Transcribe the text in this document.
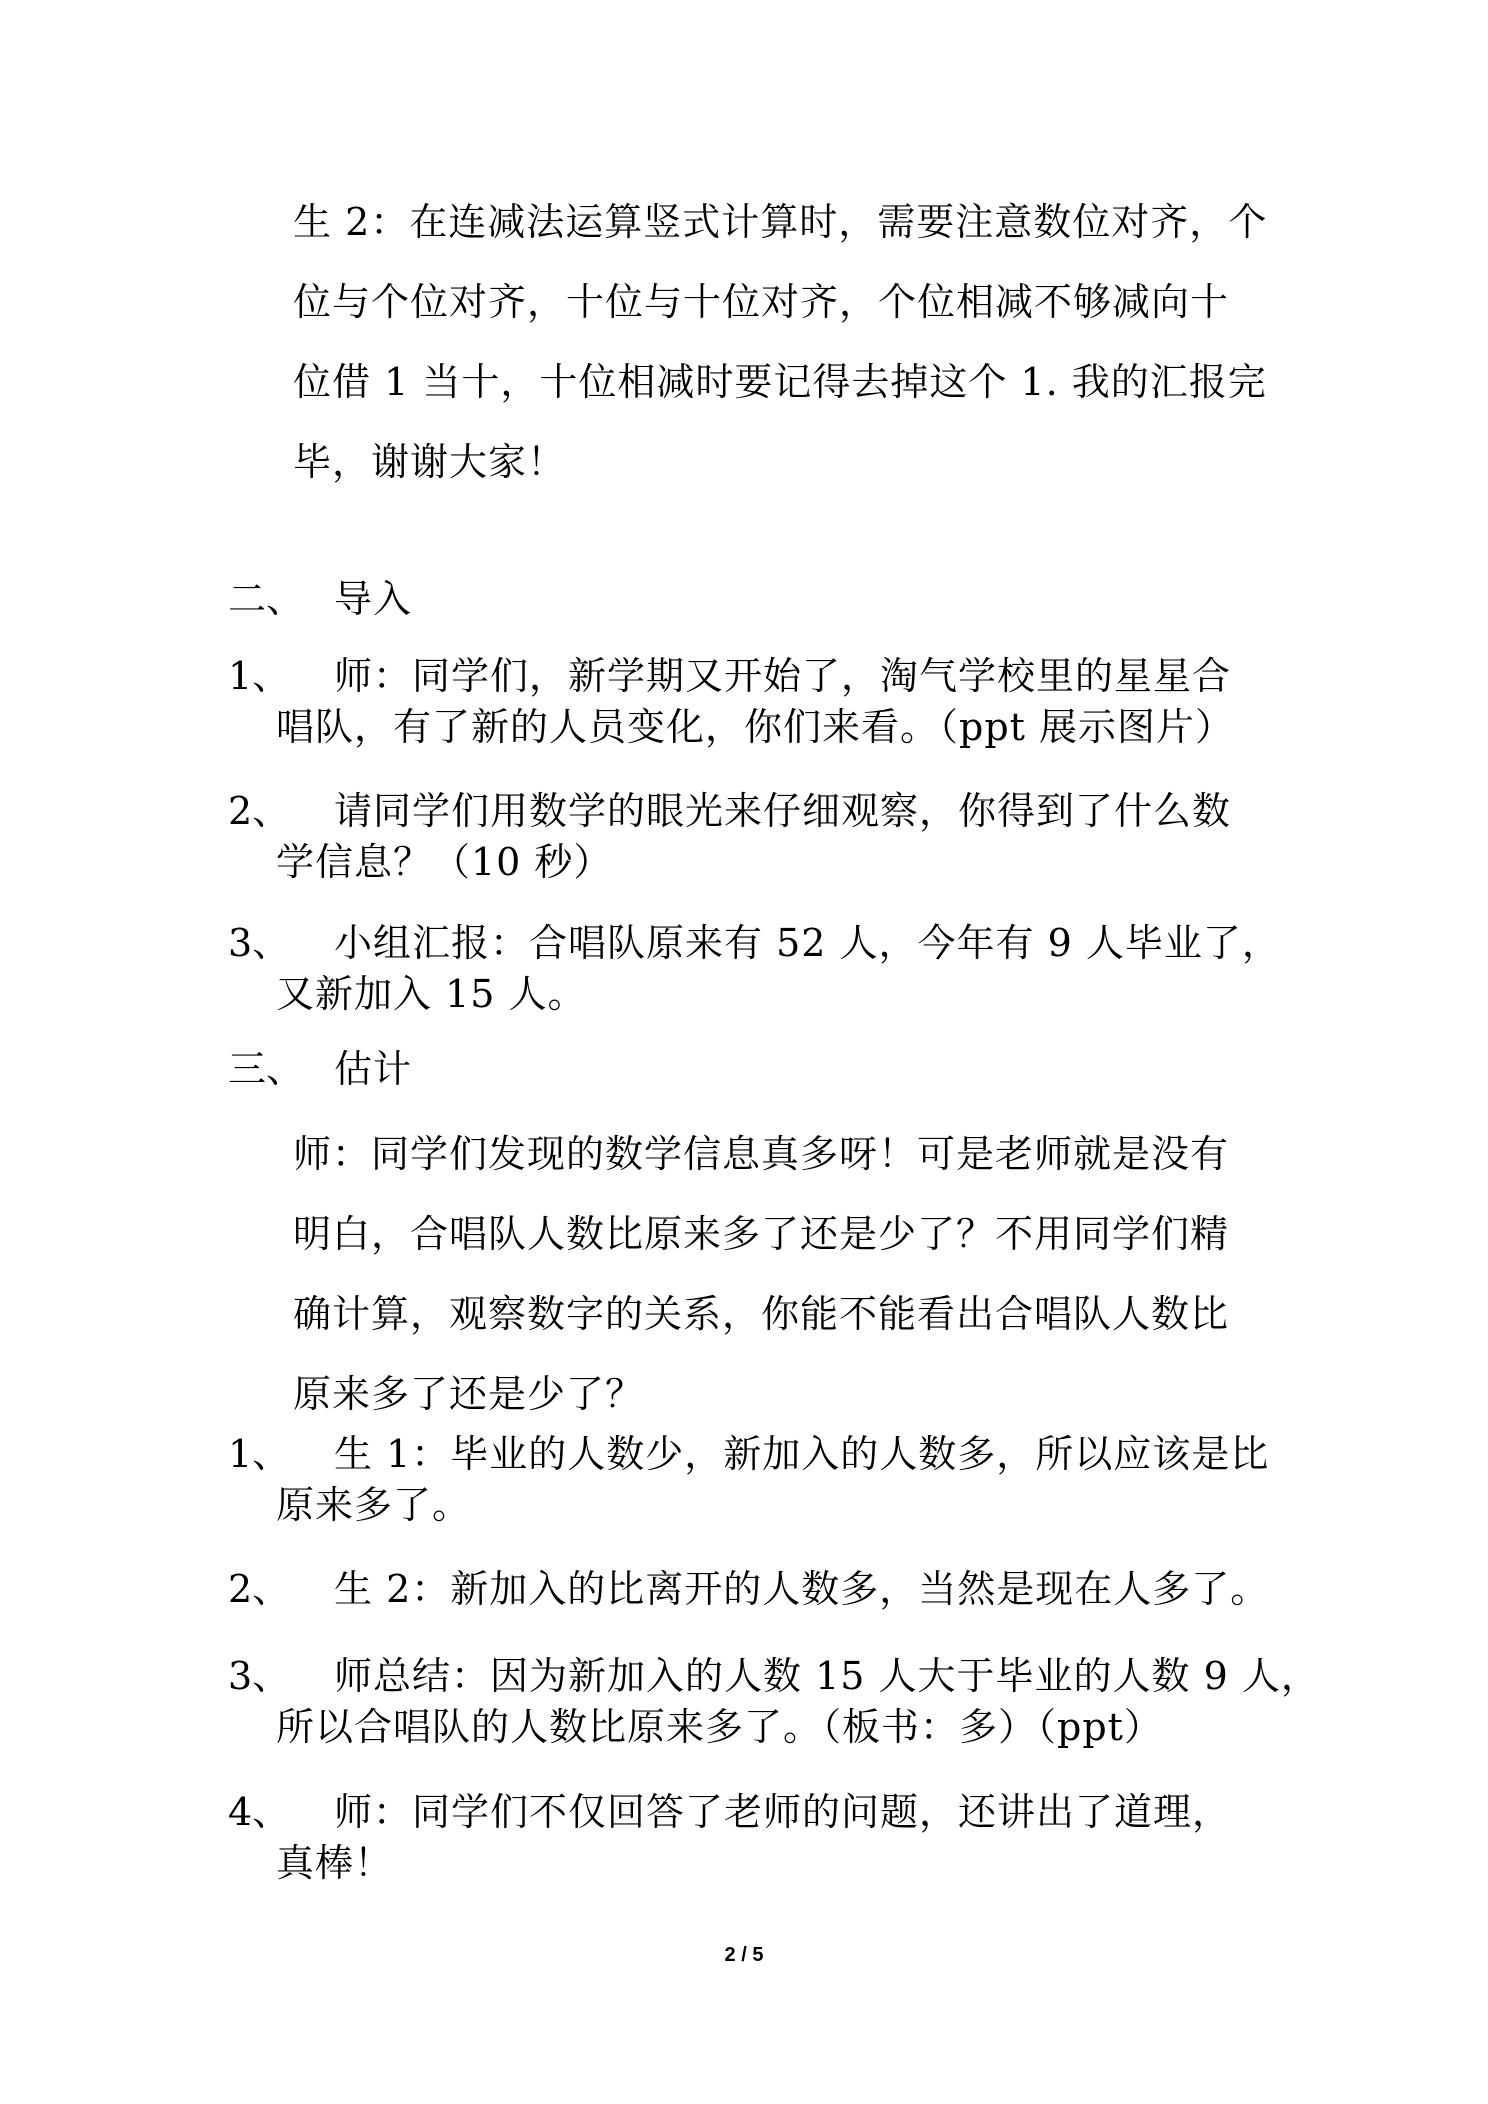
生 2：在连减法运算竖式计算时，需要注意数位对齐，个
位与个位对齐，十位与十位对齐，个位相减不够减向十
位借 1 当十，十位相减时要记得去掉这个 1. 我的汇报完
毕，谢谢大家！
二、 导入
1、 师：同学们，新学期又开始了，淘气学校里的星星合
唱队，有了新的人员变化，你们来看。（ppt 展示图片）
2、 请同学们用数学的眼光来仔细观察，你得到了什么数
学信息？（10 秒）
3、 小组汇报：合唱队原来有 52 人，今年有 9 人毕业了，
又新加入 15 人。
三、 估计
师：同学们发现的数学信息真多呀！可是老师就是没有
明白，合唱队人数比原来多了还是少了？不用同学们精
确计算，观察数字的关系，你能不能看出合唱队人数比
原来多了还是少了？
1、 生 1：毕业的人数少，新加入的人数多，所以应该是比
原来多了。
2、 生 2：新加入的比离开的人数多，当然是现在人多了。
3、 师总结：因为新加入的人数 15 人大于毕业的人数 9 人，
所以合唱队的人数比原来多了。（板书：多）（ppt）
4、 师：同学们不仅回答了老师的问题，还讲出了道理，
真棒！
2 / 5
